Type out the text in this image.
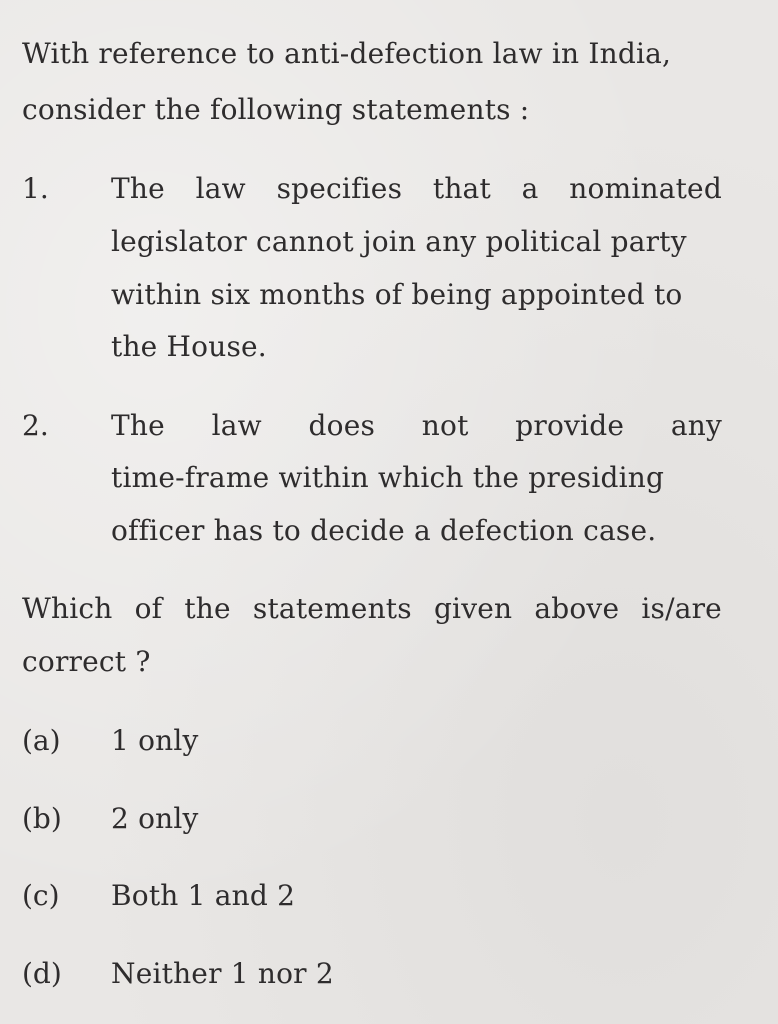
With reference to anti-defection law in India,
consider the following statements :
1. The law specifies that a nominated
legislator cannot join any political party
within six months of being appointed to
the House.
2. The law does not provide any
time-frame within which the presiding
officer has to decide a defection case.
Which of the statements given above is/are
correct ?
(a) 1 only
(b) 2 only
(c) Both 1 and 2
(d) Neither 1 nor 2
